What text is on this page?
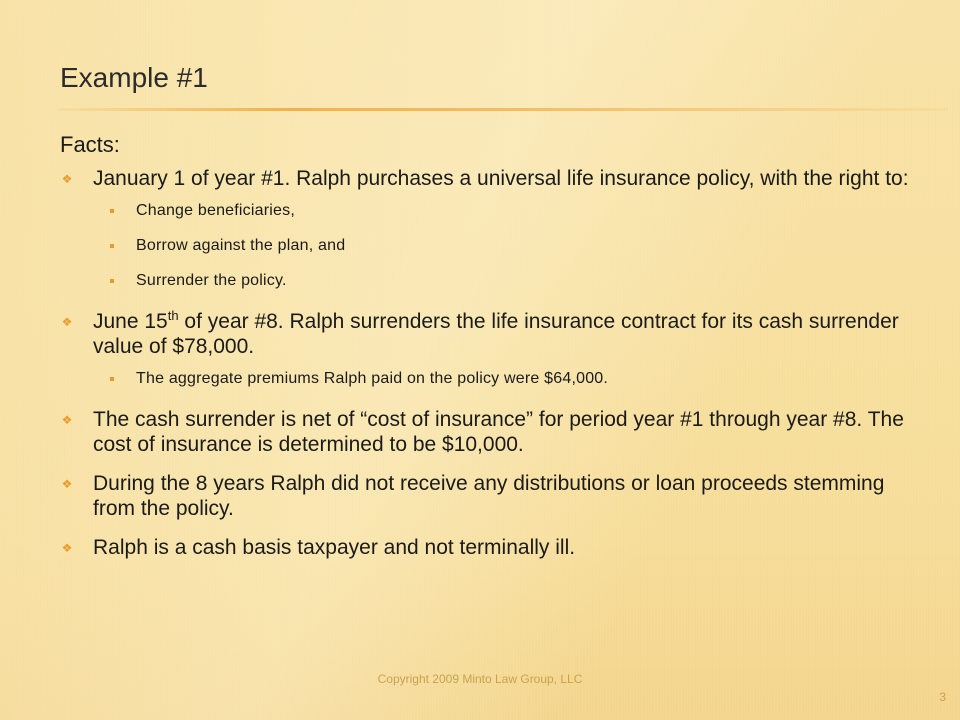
Example #1

Facts:

❖ January 1 of year #1. Ralph purchases a universal life insurance policy, with the right to:

Change beneficiaries,

Borrow against the plan, and

Surrender the policy.

❖ June 15th of year #8. Ralph surrenders the life insurance contract for its cash surrender value of $78,000.

The aggregate premiums Ralph paid on the policy were $64,000.

❖ The cash surrender is net of “cost of insurance” for period year #1 through year #8. The cost of insurance is determined to be $10,000.

❖ During the 8 years Ralph did not receive any distributions or loan proceeds stemming from the policy.

❖ Ralph is a cash basis taxpayer and not terminally ill.

Copyright 2009 Minto Law Group, LLC
3
